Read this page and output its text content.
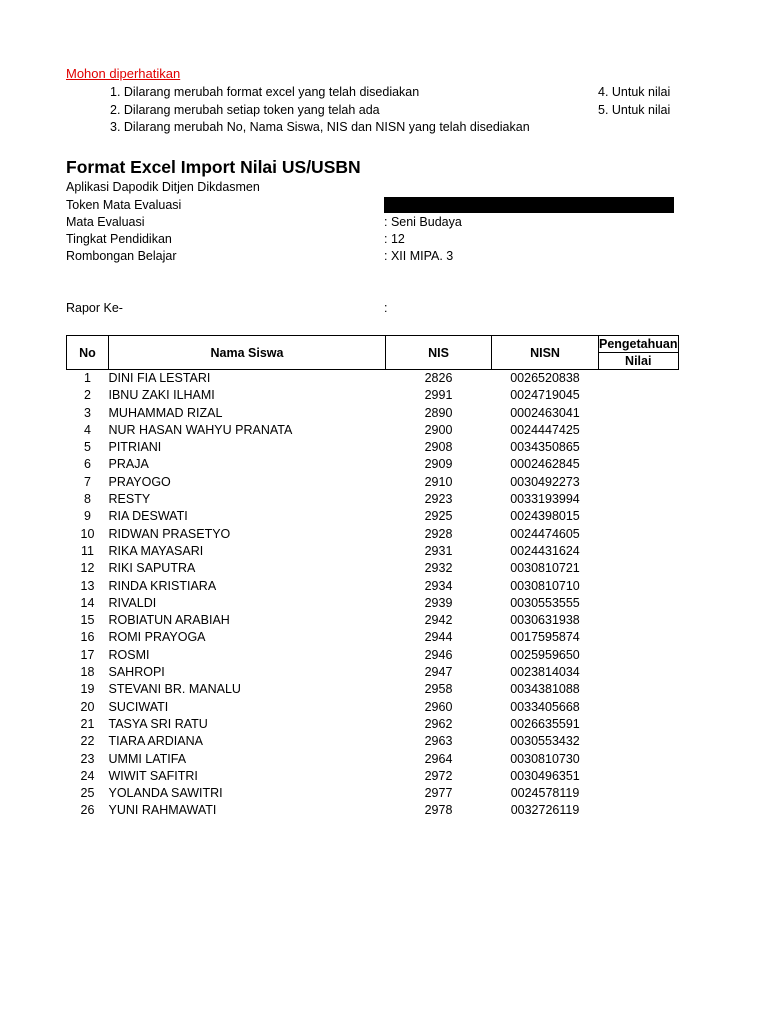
Mohon diperhatikan
1. Dilarang merubah format excel yang telah disediakan
2. Dilarang merubah setiap token yang telah ada
3. Dilarang merubah No, Nama Siswa, NIS dan NISN yang telah disediakan
4. Untuk nilai
5. Untuk nilai
Format Excel Import Nilai US/USBN
Aplikasi Dapodik Ditjen Dikdasmen
Token Mata Evaluasi
Mata Evaluasi	: Seni Budaya
Tingkat Pendidikan	: 12
Rombongan Belajar	: XII MIPA. 3
Rapor Ke-	:
No	Nama Siswa	NIS	NISN	Pengetahuan
				Nilai
1	DINI FIA LESTARI	2826	0026520838	
2	IBNU ZAKI ILHAMI	2991	0024719045	
3	MUHAMMAD RIZAL	2890	0002463041	
4	NUR HASAN WAHYU PRANATA	2900	0024447425	
5	PITRIANI	2908	0034350865	
6	PRAJA	2909	0002462845	
7	PRAYOGO	2910	0030492273	
8	RESTY	2923	0033193994	
9	RIA DESWATI	2925	0024398015	
10	RIDWAN PRASETYO	2928	0024474605	
11	RIKA MAYASARI	2931	0024431624	
12	RIKI SAPUTRA	2932	0030810721	
13	RINDA KRISTIARA	2934	0030810710	
14	RIVALDI	2939	0030553555	
15	ROBIATUN ARABIAH	2942	0030631938	
16	ROMI PRAYOGA	2944	0017595874	
17	ROSMI	2946	0025959650	
18	SAHROPI	2947	0023814034	
19	STEVANI BR. MANALU	2958	0034381088	
20	SUCIWATI	2960	0033405668	
21	TASYA SRI RATU	2962	0026635591	
22	TIARA ARDIANA	2963	0030553432	
23	UMMI LATIFA	2964	0030810730	
24	WIWIT SAFITRI	2972	0030496351	
25	YOLANDA SAWITRI	2977	0024578119	
26	YUNI RAHMAWATI	2978	0032726119	
